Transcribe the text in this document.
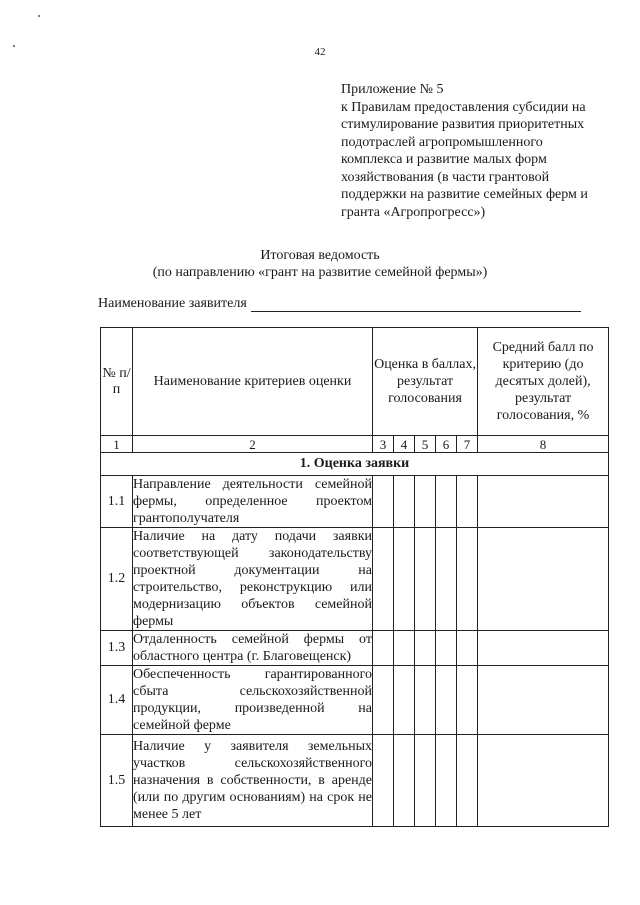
42
Приложение № 5
к Правилам предоставления субсидии на стимулирование развития приоритетных подотраслей агропромышленного комплекса и развитие малых форм хозяйствования (в части грантовой поддержки на развитие семейных ферм и гранта «Агропрогресс»)
Итоговая ведомость
(по направлению «грант на развитие семейной фермы»)
Наименование заявителя
№ п/п	Наименование критериев оценки	Оценка в баллах, результат голосования					Средний балл по критерию (до десятых долей), результат голосования, %
1	2	3	4	5	6	7	8
1. Оценка заявки							
1.1	Направление деятельности семейной фермы, определенное проектом грантополучателя						
1.2	Наличие на дату подачи заявки соответствующей законодательству проектной документации на строительство, реконструкцию или модернизацию объектов семейной фермы						
1.3	Отдаленность семейной фермы от областного центра (г. Благовещенск)						
1.4	Обеспеченность гарантированного сбыта сельскохозяйственной продукции, произведенной на семейной ферме						
1.5	Наличие у заявителя земельных участков сельскохозяйственного назначения в собственности, в аренде (или по другим основаниям) на срок не менее 5 лет						
